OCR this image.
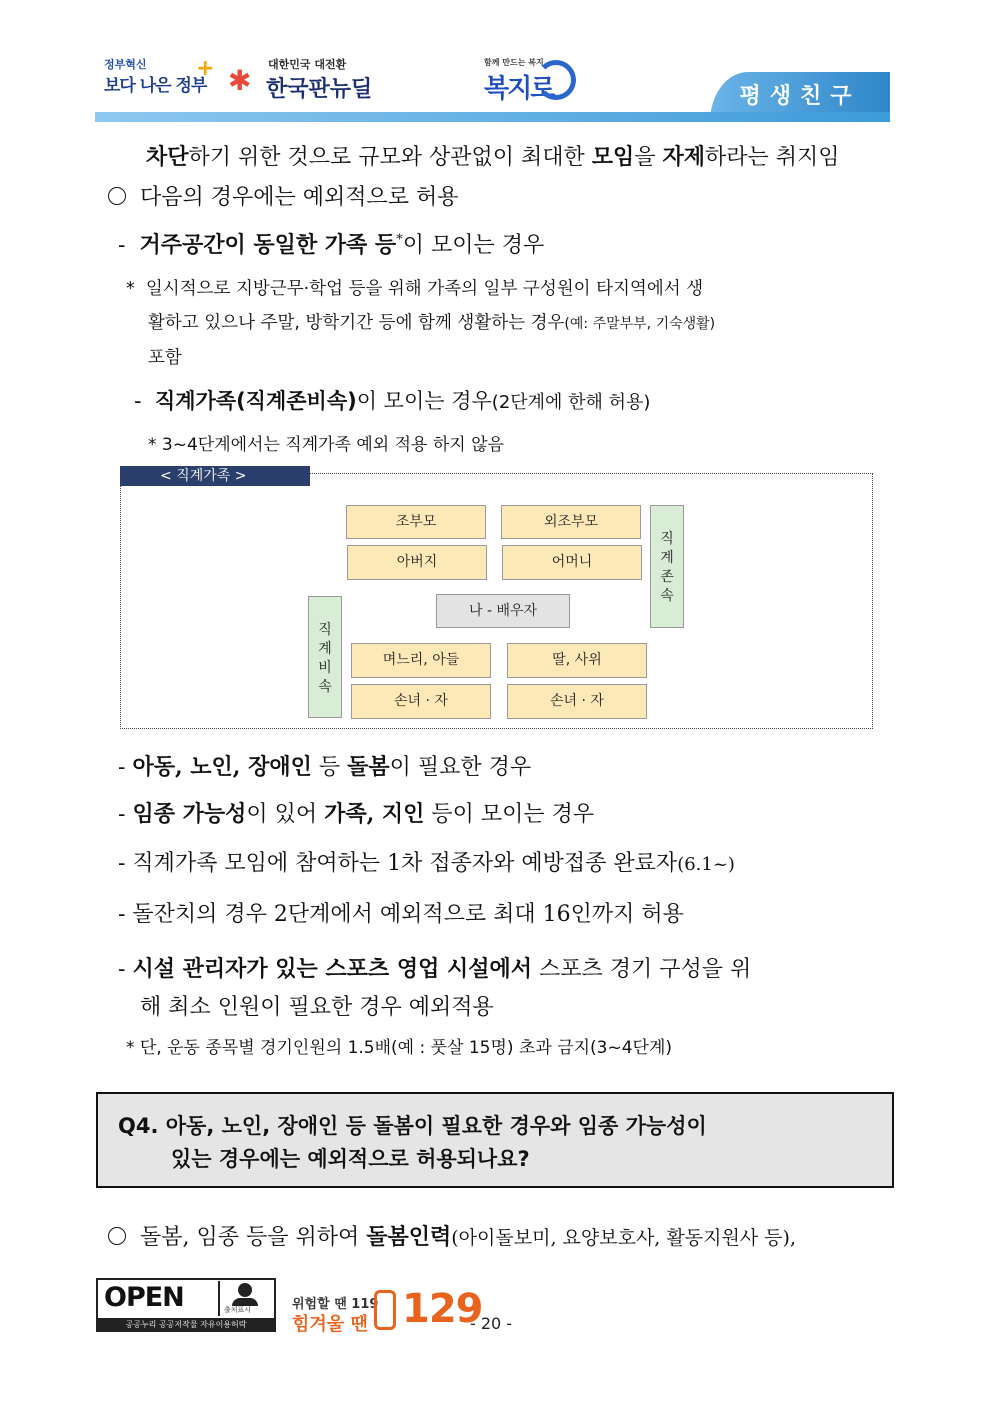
정부혁신
보다 나은 정부
+ ✱ 대한민국 대전환
한국판뉴딜
함께 만드는 복지
복지로	평생친구
차단하기 위한 것으로 규모와 상관없이 최대한 모임을 자제하라는 취지임
다음의 경우에는 예외적으로 허용
- 거주공간이 동일한 가족 등*이 모이는 경우
* 일시적으로 지방근무·학업 등을 위해 가족의 일부 구성원이 타지역에서 생
활하고 있으나 주말, 방학기간 등에 함께 생활하는 경우(예: 주말부부, 기숙생활)
포함
- 직계가족(직계존비속)이 모이는 경우(2단계에 한해 허용)
* 3~4단계에서는 직계가족 예외 적용 하지 않음
< 직계가족 >
조부모	외조부모
아버지	어머니
직
계
존
속
나 - 배우자
직
계
비
속
며느리, 아들	딸, 사위
손녀 · 자	손녀 · 자
- 아동, 노인, 장애인 등 돌봄이 필요한 경우
- 임종 가능성이 있어 가족, 지인 등이 모이는 경우
- 직계가족 모임에 참여하는 1차 접종자와 예방접종 완료자(6.1~)
- 돌잔치의 경우 2단계에서 예외적으로 최대 16인까지 허용
- 시설 관리자가 있는 스포츠 영업 시설에서 스포츠 경기 구성을 위
해 최소 인원이 필요한 경우 예외적용
* 단, 운동 종목별 경기인원의 1.5배(예 : 풋살 15명) 초과 금지(3~4단계)
Q4. 아동, 노인, 장애인 등 돌봄이 필요한 경우와 임종 가능성이
있는 경우에는 예외적으로 허용되나요?
돌봄, 임종 등을 위하여 돌봄인력(아이돌보미, 요양보호사, 활동지원사 등),
OPEN	출처표시
공공누리 공공저작물 자유이용허락
위험할 땐 119
힘겨울 땐 129
- 20 -
